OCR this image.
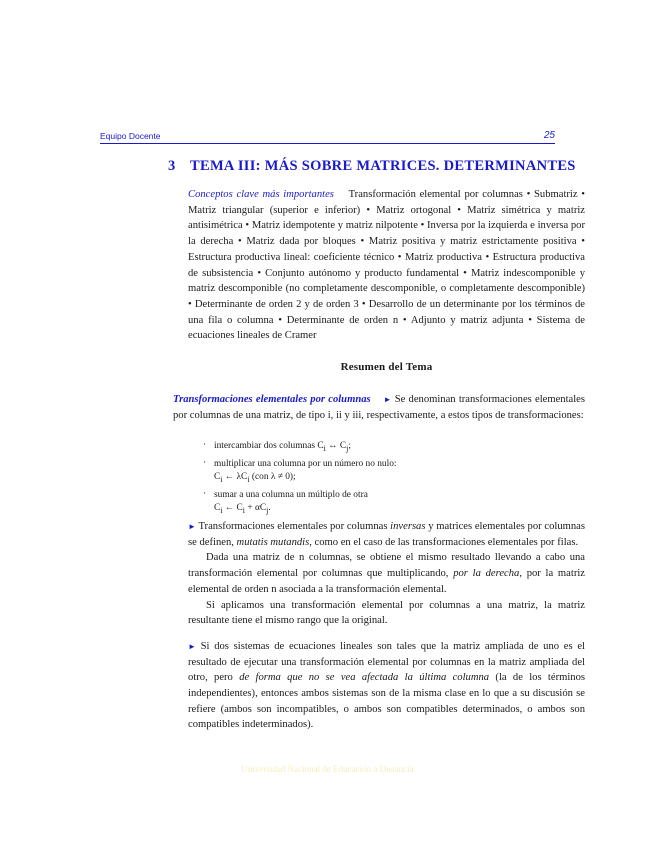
Equipo Docente	25
3 TEMA III: MÁS SOBRE MATRICES. DETERMINANTES
Conceptos clave más importantes Transformación elemental por columnas • Submatriz • Matriz triangular (superior e inferior) • Matriz ortogonal • Matriz simétrica y matriz antisimétrica • Matriz idempotente y matriz nilpotente • Inversa por la izquierda e inversa por la derecha • Matriz dada por bloques • Matriz positiva y matriz estrictamente positiva • Estructura productiva lineal: coeficiente técnico • Matriz productiva • Estructura productiva de subsistencia • Conjunto autónomo y producto fundamental • Matriz indescomponible y matriz descomponible (no completamente descomponible, o completamente descomponible) • Determinante de orden 2 y de orden 3 • Desarrollo de un determinante por los términos de una fila o columna • Determinante de orden n • Adjunto y matriz adjunta • Sistema de ecuaciones lineales de Cramer
Resumen del Tema
Transformaciones elementales por columnas ► Se denominan transformaciones elementales por columnas de una matriz, de tipo i, ii y iii, respectivamente, a estos tipos de transformaciones:
· intercambiar dos columnas $C_i$ ↔ $C_j$;
· multiplicar una columna por un número no nulo:
$C_i$ ← $\lambda C_i$ (con λ ≠ 0);
· sumar a una columna un múltiplo de otra
$C_i$ ← $C_i + \alpha C_j$.

► Transformaciones elementales por columnas inversas y matrices elementales por columnas se definen, mutatis mutandis, como en el caso de las transformaciones elementales por filas.

Dada una matriz de n columnas, se obtiene el mismo resultado llevando a cabo una transformación elemental por columnas que multiplicando, por la derecha, por la matriz elemental de orden n asociada a la transformación elemental.

Si aplicamos una transformación elemental por columnas a una matriz, la matriz resultante tiene el mismo rango que la original.

► Si dos sistemas de ecuaciones lineales son tales que la matriz ampliada de uno es el resultado de ejecutar una transformación elemental por columnas en la matriz ampliada del otro, pero de forma que no se vea afectada la última columna (la de los términos independientes), entonces ambos sistemas son de la misma clase en lo que a su discusión se refiere (ambos son incompatibles, o ambos son compatibles determinados, o ambos son compatibles indeterminados).

Universidad Nacional de Educación a Distancia
